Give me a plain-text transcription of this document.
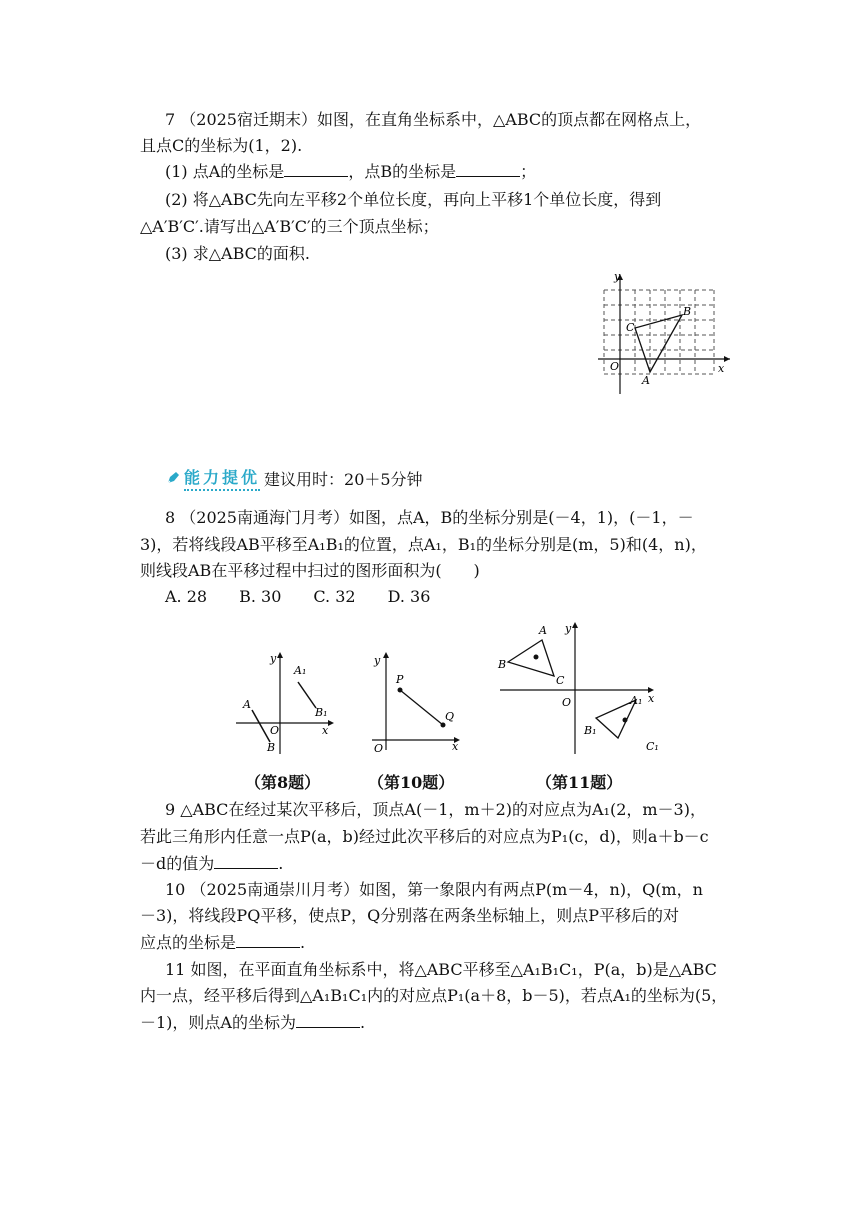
7 （2025宿迁期末）如图，在直角坐标系中，△ABC的顶点都在网格点上，
且点C的坐标为(1，2).
(1) 点A的坐标是	，点B的坐标是	；
(2) 将△ABC先向左平移2个单位长度，再向上平移1个单位长度，得到
△A′B′C′.请写出△A′B′C′的三个顶点坐标；
(3) 求△ABC的面积.
y
x
O
C
B
A
能力提优 建议用时：20＋5分钟
8 （2025南通海门月考）如图，点A，B的坐标分别是(－4，1)，(－1，－
3)，若将线段AB平移至A₁B₁的位置，点A₁，B₁的坐标分别是(m，5)和(4，n)，
则线段AB在平移过程中扫过的图形面积为(　　)
A. 28　　B. 30　　C. 32　　D. 36
y
x
O
A
B
A₁
B₁
y
x
O
P
Q
y
x
O
A
B
C
A₁
B₁
C₁
（第8题）	（第10题）	（第11题）
9 △ABC在经过某次平移后，顶点A(－1，m＋2)的对应点为A₁(2，m－3)，
若此三角形内任意一点P(a，b)经过此次平移后的对应点为P₁(c，d)，则a＋b－c
－d的值为	.
10 （2025南通崇川月考）如图，第一象限内有两点P(m－4，n)，Q(m，n
－3)，将线段PQ平移，使点P，Q分别落在两条坐标轴上，则点P平移后的对
应点的坐标是	.
11 如图，在平面直角坐标系中，将△ABC平移至△A₁B₁C₁，P(a，b)是△ABC
内一点，经平移后得到△A₁B₁C₁内的对应点P₁(a＋8，b－5)，若点A₁的坐标为(5，
－1)，则点A的坐标为	.
